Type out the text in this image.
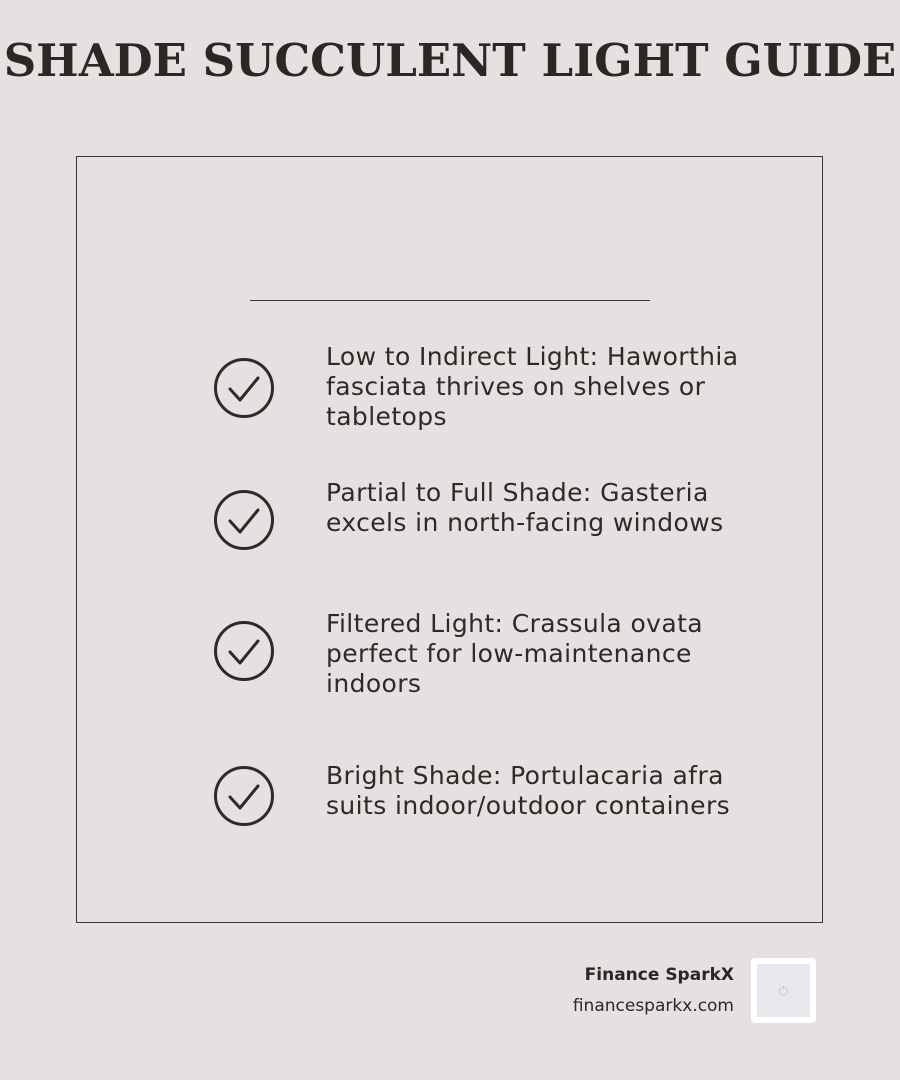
SHADE SUCCULENT LIGHT GUIDE
Low to Indirect Light: Haworthia fasciata thrives on shelves or tabletops
Partial to Full Shade: Gasteria excels in north-facing windows
Filtered Light: Crassula ovata perfect for low-maintenance indoors
Bright Shade: Portulacaria afra suits indoor/outdoor containers
Finance SparkX
financesparkx.com
